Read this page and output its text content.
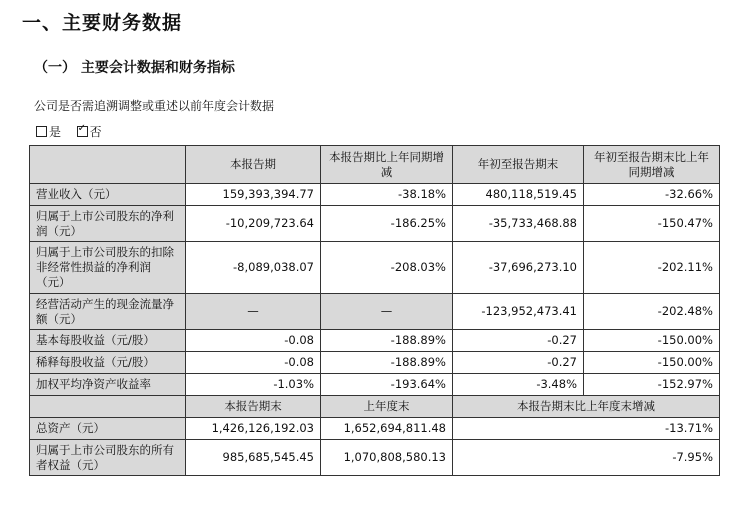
一、主要财务数据
（一） 主要会计数据和财务指标
公司是否需追溯调整或重述以前年度会计数据
是 ✓ 否
	本报告期	本报告期比上年同期增减	年初至报告期末	年初至报告期末比上年同期增减
营业收入（元）	159,393,394.77	-38.18%	480,118,519.45	-32.66%
归属于上市公司股东的净利润（元）	-10,209,723.64	-186.25%	-35,733,468.88	-150.47%
归属于上市公司股东的扣除非经常性损益的净利润（元）	-8,089,038.07	-208.03%	-37,696,273.10	-202.11%
经营活动产生的现金流量净额（元）	—	—	-123,952,473.41	-202.48%
基本每股收益（元/股）	-0.08	-188.89%	-0.27	-150.00%
稀释每股收益（元/股）	-0.08	-188.89%	-0.27	-150.00%
加权平均净资产收益率	-1.03%	-193.64%	-3.48%	-152.97%
	本报告期末	上年度末	本报告期末比上年度末增减	
总资产（元）	1,426,126,192.03	1,652,694,811.48	-13.71%	
归属于上市公司股东的所有者权益（元）	985,685,545.45	1,070,808,580.13	-7.95%	
